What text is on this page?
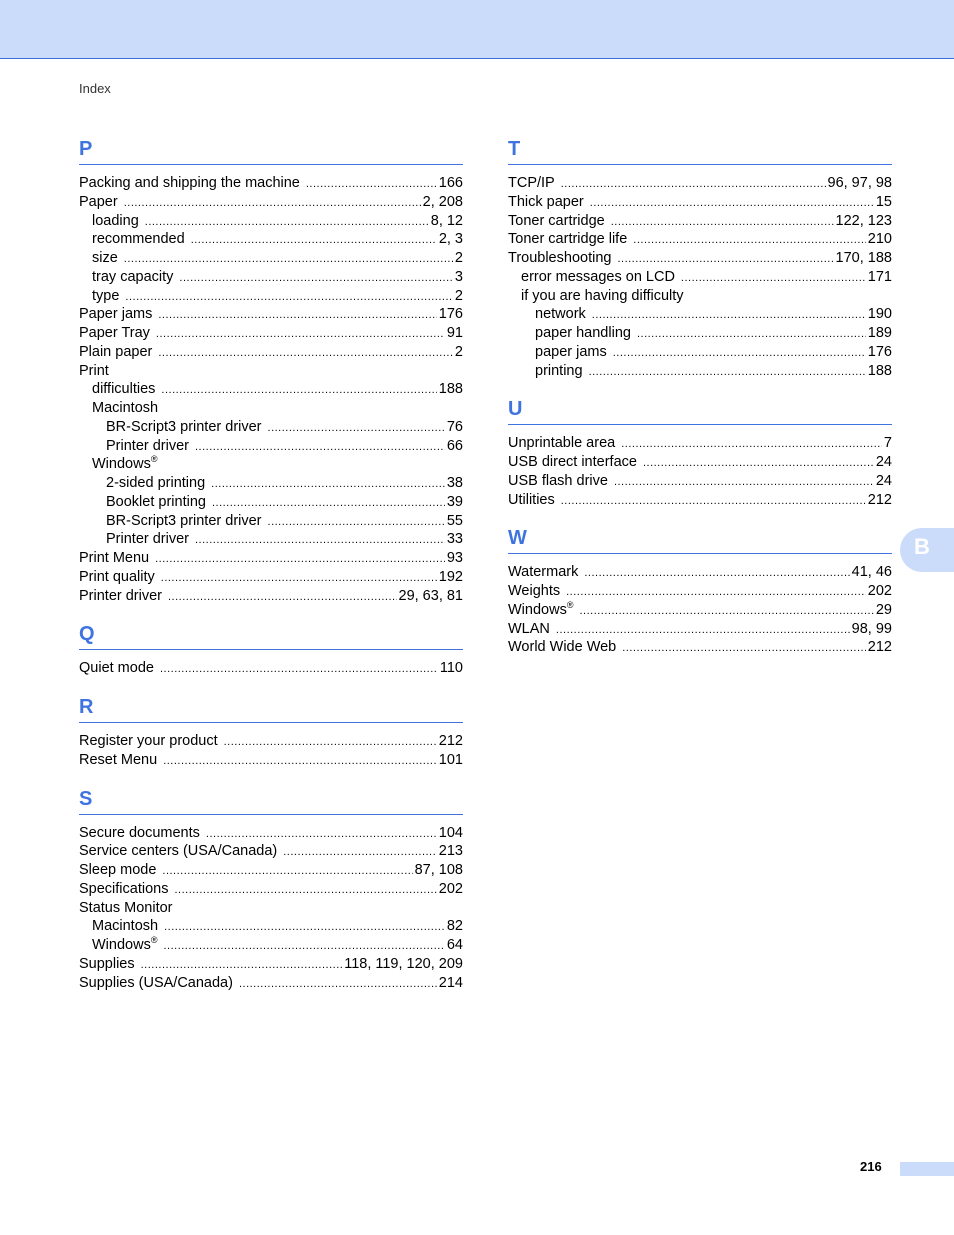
Index
P
Packing and shipping the machine .....	166
Paper .....	2, 208
loading .....	8, 12
recommended .....	2, 3
size .....	2
tray capacity .....	3
type .....	2
Paper jams .....	176
Paper Tray .....	91
Plain paper .....	2
Print
difficulties .....	188
Macintosh
BR-Script3 printer driver .....	76
Printer driver .....	66
Windows®
2-sided printing .....	38
Booklet printing .....	39
BR-Script3 printer driver .....	55
Printer driver .....	33
Print Menu .....	93
Print quality .....	192
Printer driver .....	29, 63, 81
Q
Quiet mode .....	110
R
Register your product .....	212
Reset Menu .....	101
S
Secure documents .....	104
Service centers (USA/Canada) .....	213
Sleep mode .....	87, 108
Specifications .....	202
Status Monitor
Macintosh .....	82
Windows® .....	64
Supplies .....	118, 119, 120, 209
Supplies (USA/Canada) .....	214
T
TCP/IP .....	96, 97, 98
Thick paper .....	15
Toner cartridge .....	122, 123
Toner cartridge life .....	210
Troubleshooting .....	170, 188
error messages on LCD .....	171
if you are having difficulty
network .....	190
paper handling .....	189
paper jams .....	176
printing .....	188
U
Unprintable area .....	7
USB direct interface .....	24
USB flash drive .....	24
Utilities .....	212
W
Watermark .....	41, 46
Weights .....	202
Windows® .....	29
WLAN .....	98, 99
World Wide Web .....	212
B
216
